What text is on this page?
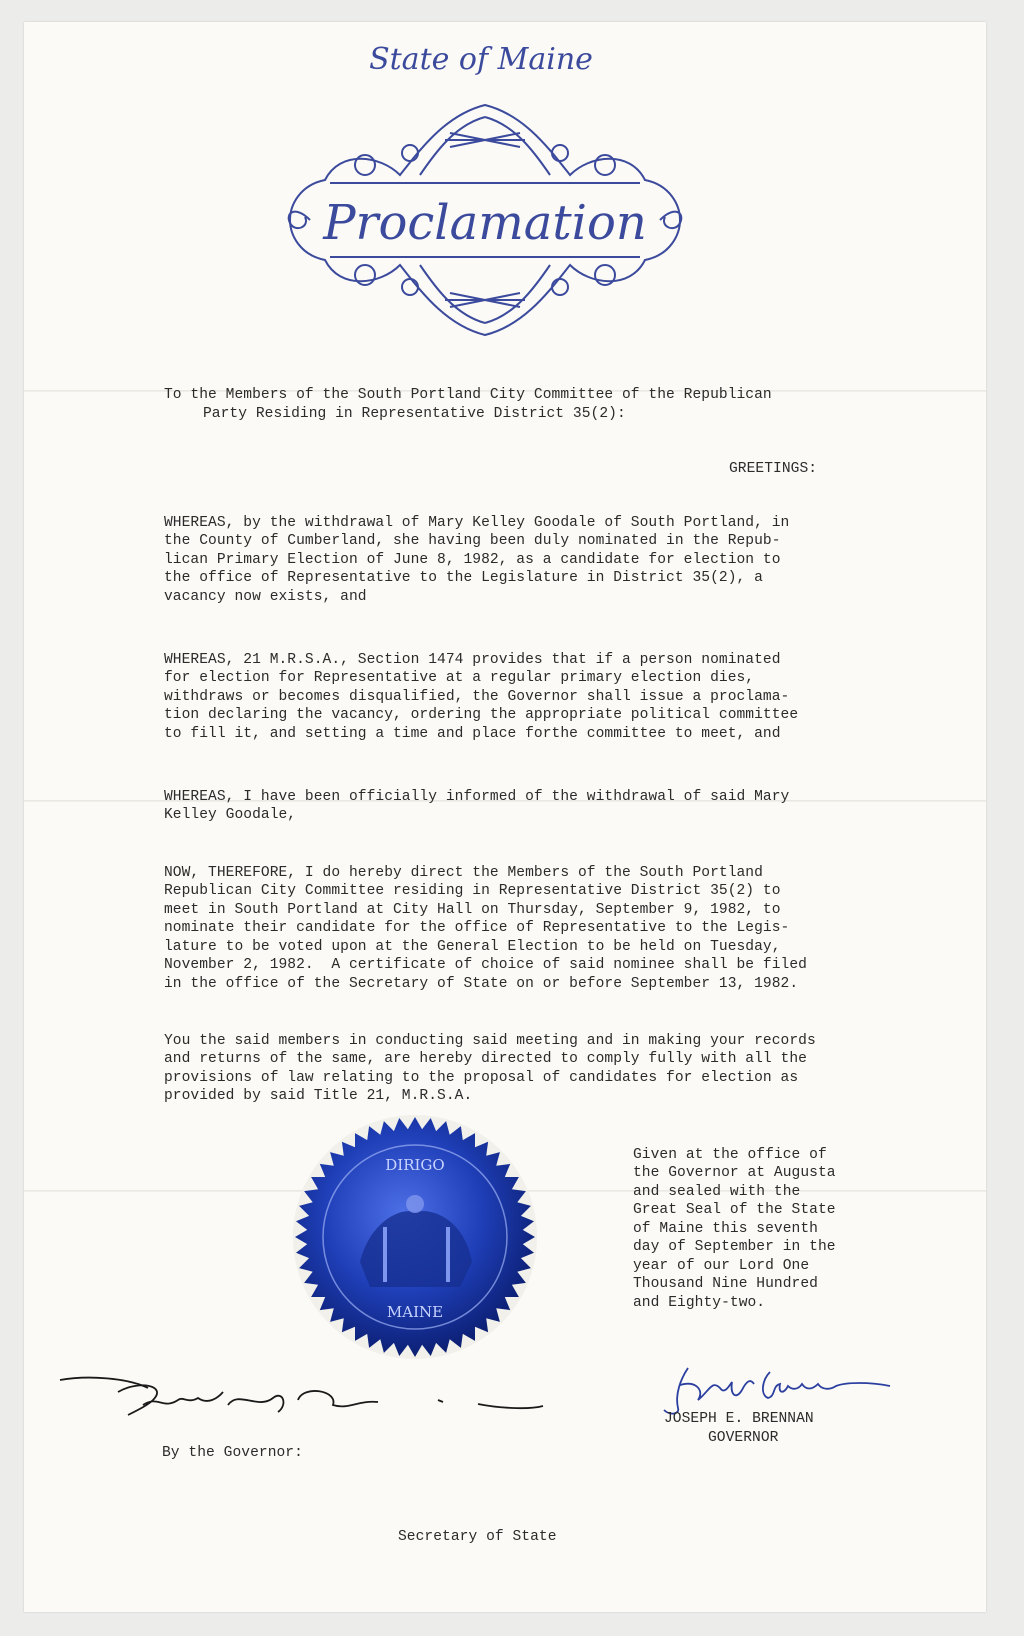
State of Maine
Proclamation
To the Members of the South Portland City Committee of the Republican
Party Residing in Representative District 35(2):
GREETINGS:
WHEREAS, by the withdrawal of Mary Kelley Goodale of South Portland, in
the County of Cumberland, she having been duly nominated in the Repub-
lican Primary Election of June 8, 1982, as a candidate for election to
the office of Representative to the Legislature in District 35(2), a
vacancy now exists, and
WHEREAS, 21 M.R.S.A., Section 1474 provides that if a person nominated
for election for Representative at a regular primary election dies,
withdraws or becomes disqualified, the Governor shall issue a proclama-
tion declaring the vacancy, ordering the appropriate political committee
to fill it, and setting a time and place forthe committee to meet, and
WHEREAS, I have been officially informed of the withdrawal of said Mary
Kelley Goodale,
NOW, THEREFORE, I do hereby direct the Members of the South Portland
Republican City Committee residing in Representative District 35(2) to
meet in South Portland at City Hall on Thursday, September 9, 1982, to
nominate their candidate for the office of Representative to the Legis-
lature to be voted upon at the General Election to be held on Tuesday,
November 2, 1982.  A certificate of choice of said nominee shall be filed
in the office of the Secretary of State on or before September 13, 1982.
You the said members in conducting said meeting and in making your records
and returns of the same, are hereby directed to comply fully with all the
provisions of law relating to the proposal of candidates for election as
provided by said Title 21, M.R.S.A.
DIRIGO
MAINE
Given at the office of
the Governor at Augusta
and sealed with the
Great Seal of the State
of Maine this seventh
day of September in the
year of our Lord One
Thousand Nine Hundred
and Eighty-two.
JOSEPH E. BRENNAN
GOVERNOR
By the Governor:
Secretary of State
